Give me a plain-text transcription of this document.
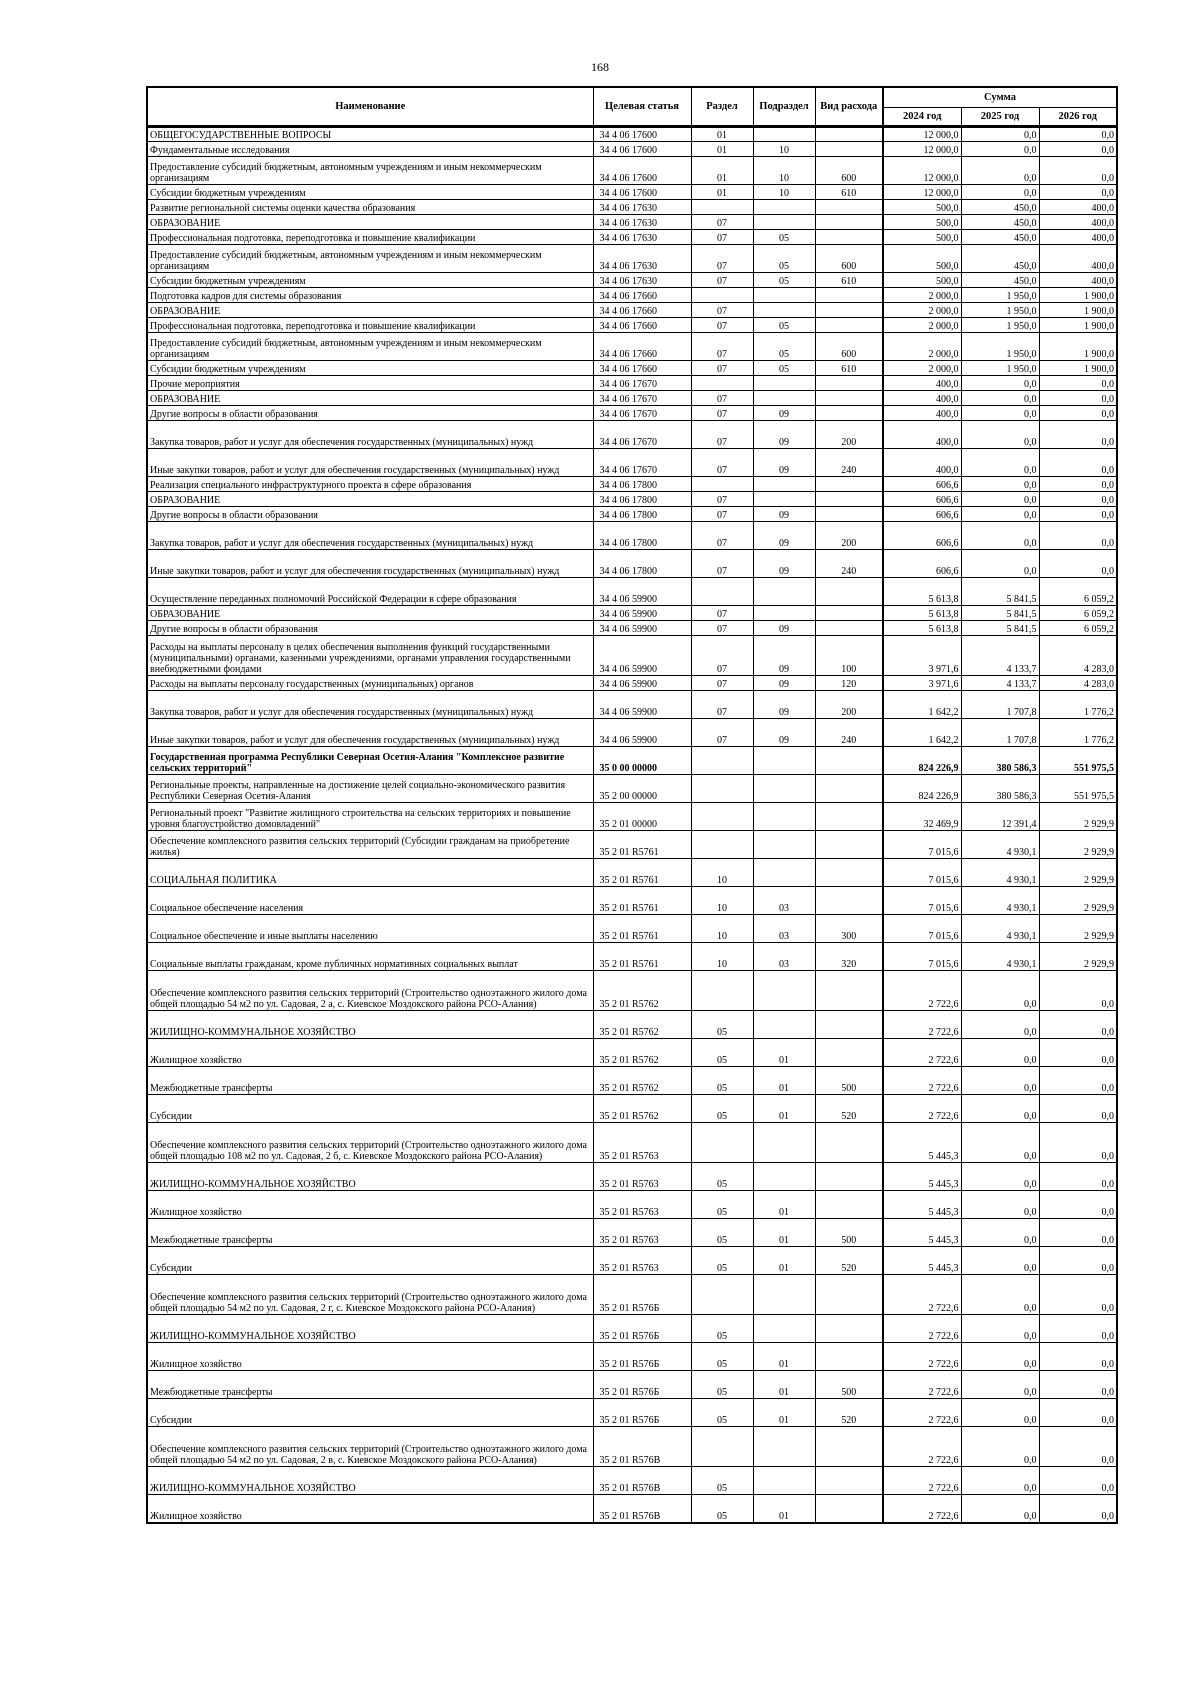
168
Наименование	Целевая статья	Раздел	Подраздел	Вид расхода	Сумма		
					2024 год	2025 год	2026 год
ОБЩЕГОСУДАРСТВЕННЫЕ ВОПРОСЫ	34 4 06 17600	01			12 000,0	0,0	0,0
Фундаментальные исследования	34 4 06 17600	01	10		12 000,0	0,0	0,0
Предоставление субсидий бюджетным, автономным учреждениям и иным некоммерческим организациям	34 4 06 17600	01	10	600	12 000,0	0,0	0,0
Субсидии бюджетным учреждениям	34 4 06 17600	01	10	610	12 000,0	0,0	0,0
Развитие региональной системы оценки качества образования	34 4 06 17630				500,0	450,0	400,0
ОБРАЗОВАНИЕ	34 4 06 17630	07			500,0	450,0	400,0
Профессиональная подготовка, переподготовка и повышение квалификации	34 4 06 17630	07	05		500,0	450,0	400,0
Предоставление субсидий бюджетным, автономным учреждениям и иным некоммерческим организациям	34 4 06 17630	07	05	600	500,0	450,0	400,0
Субсидии бюджетным учреждениям	34 4 06 17630	07	05	610	500,0	450,0	400,0
Подготовка кадров для системы образования	34 4 06 17660				2 000,0	1 950,0	1 900,0
ОБРАЗОВАНИЕ	34 4 06 17660	07			2 000,0	1 950,0	1 900,0
Профессиональная подготовка, переподготовка и повышение квалификации	34 4 06 17660	07	05		2 000,0	1 950,0	1 900,0
Предоставление субсидий бюджетным, автономным учреждениям и иным некоммерческим организациям	34 4 06 17660	07	05	600	2 000,0	1 950,0	1 900,0
Субсидии бюджетным учреждениям	34 4 06 17660	07	05	610	2 000,0	1 950,0	1 900,0
Прочие мероприятия	34 4 06 17670				400,0	0,0	0,0
ОБРАЗОВАНИЕ	34 4 06 17670	07			400,0	0,0	0,0
Другие вопросы в области образования	34 4 06 17670	07	09		400,0	0,0	0,0
Закупка товаров, работ и услуг для обеспечения государственных (муниципальных) нужд	34 4 06 17670	07	09	200	400,0	0,0	0,0
Иные закупки товаров, работ и услуг для обеспечения государственных (муниципальных) нужд	34 4 06 17670	07	09	240	400,0	0,0	0,0
Реализация специального инфраструктурного проекта в сфере образования	34 4 06 17800				606,6	0,0	0,0
ОБРАЗОВАНИЕ	34 4 06 17800	07			606,6	0,0	0,0
Другие вопросы в области образования	34 4 06 17800	07	09		606,6	0,0	0,0
Закупка товаров, работ и услуг для обеспечения государственных (муниципальных) нужд	34 4 06 17800	07	09	200	606,6	0,0	0,0
Иные закупки товаров, работ и услуг для обеспечения государственных (муниципальных) нужд	34 4 06 17800	07	09	240	606,6	0,0	0,0
Осуществление переданных полномочий Российской Федерации в сфере образования	34 4 06 59900				5 613,8	5 841,5	6 059,2
ОБРАЗОВАНИЕ	34 4 06 59900	07			5 613,8	5 841,5	6 059,2
Другие вопросы в области образования	34 4 06 59900	07	09		5 613,8	5 841,5	6 059,2
Расходы на выплаты персоналу в целях обеспечения выполнения функций государственными (муниципальными) органами, казенными учреждениями, органами управления государственными внебюджетными фондами	34 4 06 59900	07	09	100	3 971,6	4 133,7	4 283,0
Расходы на выплаты персоналу государственных (муниципальных) органов	34 4 06 59900	07	09	120	3 971,6	4 133,7	4 283,0
Закупка товаров, работ и услуг для обеспечения государственных (муниципальных) нужд	34 4 06 59900	07	09	200	1 642,2	1 707,8	1 776,2
Иные закупки товаров, работ и услуг для обеспечения государственных (муниципальных) нужд	34 4 06 59900	07	09	240	1 642,2	1 707,8	1 776,2
Государственная программа Республики Северная Осетия-Алания "Комплексное развитие сельских территорий"	35 0 00 00000				824 226,9	380 586,3	551 975,5
Региональные проекты, направленные на достижение целей социально-экономического развития Республики Северная Осетия-Алания	35 2 00 00000				824 226,9	380 586,3	551 975,5
Региональный проект "Развитие жилищного строительства на сельских территориях и повышение уровня благоустройство домовладений"	35 2 01 00000				32 469,9	12 391,4	2 929,9
Обеспечение комплексного развития сельских территорий (Субсидии гражданам на приобретение жилья)	35 2 01 R5761				7 015,6	4 930,1	2 929,9
СОЦИАЛЬНАЯ ПОЛИТИКА	35 2 01 R5761	10			7 015,6	4 930,1	2 929,9
Социальное обеспечение населения	35 2 01 R5761	10	03		7 015,6	4 930,1	2 929,9
Социальное обеспечение и иные выплаты населению	35 2 01 R5761	10	03	300	7 015,6	4 930,1	2 929,9
Социальные выплаты гражданам, кроме публичных нормативных социальных выплат	35 2 01 R5761	10	03	320	7 015,6	4 930,1	2 929,9
Обеспечение комплексного развития сельских территорий (Строительство одноэтажного жилого дома общей площадью 54 м2 по ул. Садовая, 2 а, с. Киевское Моздокского района РСО-Алания)	35 2 01 R5762				2 722,6	0,0	0,0
ЖИЛИЩНО-КОММУНАЛЬНОЕ ХОЗЯЙСТВО	35 2 01 R5762	05			2 722,6	0,0	0,0
Жилищное хозяйство	35 2 01 R5762	05	01		2 722,6	0,0	0,0
Межбюджетные трансферты	35 2 01 R5762	05	01	500	2 722,6	0,0	0,0
Субсидии	35 2 01 R5762	05	01	520	2 722,6	0,0	0,0
Обеспечение комплексного развития сельских территорий (Строительство одноэтажного жилого дома общей площадью 108 м2 по ул. Садовая, 2 б, с. Киевское Моздокского района РСО-Алания)	35 2 01 R5763				5 445,3	0,0	0,0
ЖИЛИЩНО-КОММУНАЛЬНОЕ ХОЗЯЙСТВО	35 2 01 R5763	05			5 445,3	0,0	0,0
Жилищное хозяйство	35 2 01 R5763	05	01		5 445,3	0,0	0,0
Межбюджетные трансферты	35 2 01 R5763	05	01	500	5 445,3	0,0	0,0
Субсидии	35 2 01 R5763	05	01	520	5 445,3	0,0	0,0
Обеспечение комплексного развития сельских территорий (Строительство одноэтажного жилого дома общей площадью 54 м2 по ул. Садовая, 2 г, с. Киевское Моздокского района РСО-Алания)	35 2 01 R576Б				2 722,6	0,0	0,0
ЖИЛИЩНО-КОММУНАЛЬНОЕ ХОЗЯЙСТВО	35 2 01 R576Б	05			2 722,6	0,0	0,0
Жилищное хозяйство	35 2 01 R576Б	05	01		2 722,6	0,0	0,0
Межбюджетные трансферты	35 2 01 R576Б	05	01	500	2 722,6	0,0	0,0
Субсидии	35 2 01 R576Б	05	01	520	2 722,6	0,0	0,0
Обеспечение комплексного развития сельских территорий (Строительство одноэтажного жилого дома общей площадью 54 м2 по ул. Садовая, 2 в, с. Киевское Моздокского района РСО-Алания)	35 2 01 R576В				2 722,6	0,0	0,0
ЖИЛИЩНО-КОММУНАЛЬНОЕ ХОЗЯЙСТВО	35 2 01 R576В	05			2 722,6	0,0	0,0
Жилищное хозяйство	35 2 01 R576В	05	01		2 722,6	0,0	0,0
